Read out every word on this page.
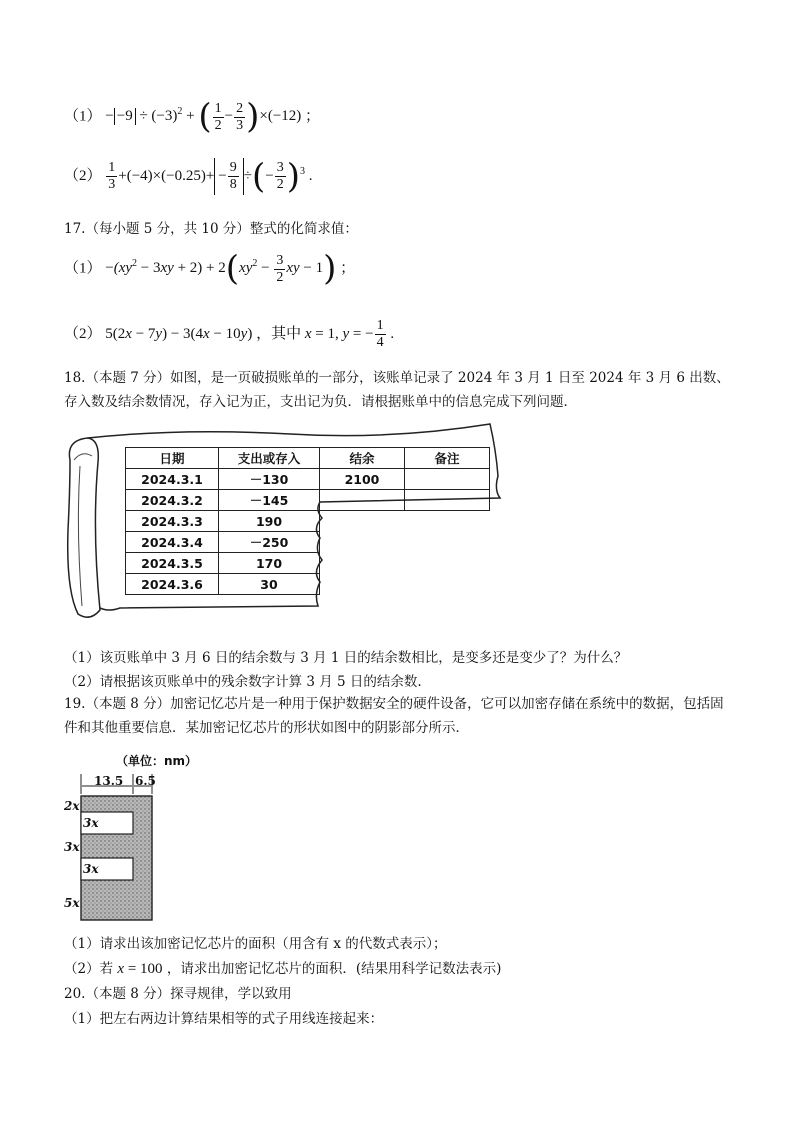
$(1) - -9 \div (-3)^2$ + ( $\frac{1}{2} - \frac{2}{3} )\times(-12)$ ；
$(2) \frac{1}{3} +(-4)\times(-0.25)+ - \frac{9}{8}$ ÷(− $\frac{3}{2} )^3$ .
17.（每小题 5 分，共 10 分）整式的化简求值：
$(1) -(xy^2 - 3xy + 2) + 2(xy^2 - \frac{3}{2}$ xy − 1) ；
（2） 5(2x − 7y) − 3(4x − 10y) ，其中 x = 1, y = − $\frac{1}{4}$ .
18.（本题 7 分）如图，是一页破损账单的一部分，该账单记录了 2024 年 3 月 1 日至 2024 年 3 月 6 出数、存入数及结余数情况，存入记为正，支出记为负．请根据账单中的信息完成下列问题．
日期	支出或存入	结余	备注
2024.3.1	－130	2100	
2024.3.2	－145		
2024.3.3	190		
2024.3.4	－250		
2024.3.5	170		
2024.3.6	30		
（1）该页账单中 3 月 6 日的结余数与 3 月 1 日的结余数相比，是变多还是变少了？为什么？
（2）请根据该页账单中的残余数字计算 3 月 5 日的结余数.
19.（本题 8 分）加密记忆芯片是一种用于保护数据安全的硬件设备，它可以加密存储在系统中的数据，包括固件和其他重要信息．某加密记忆芯片的形状如图中的阴影部分所示．
（单位：nm）
13.5 6.5
2x
3x
5x
3x
3x
（1）请求出该加密记忆芯片的面积（用含有 x 的代数式表示）；
（2）若 x = 100 ，请求出加密记忆芯片的面积．(结果用科学记数法表示)
20.（本题 8 分）探寻规律，学以致用
（1）把左右两边计算结果相等的式子用线连接起来：
